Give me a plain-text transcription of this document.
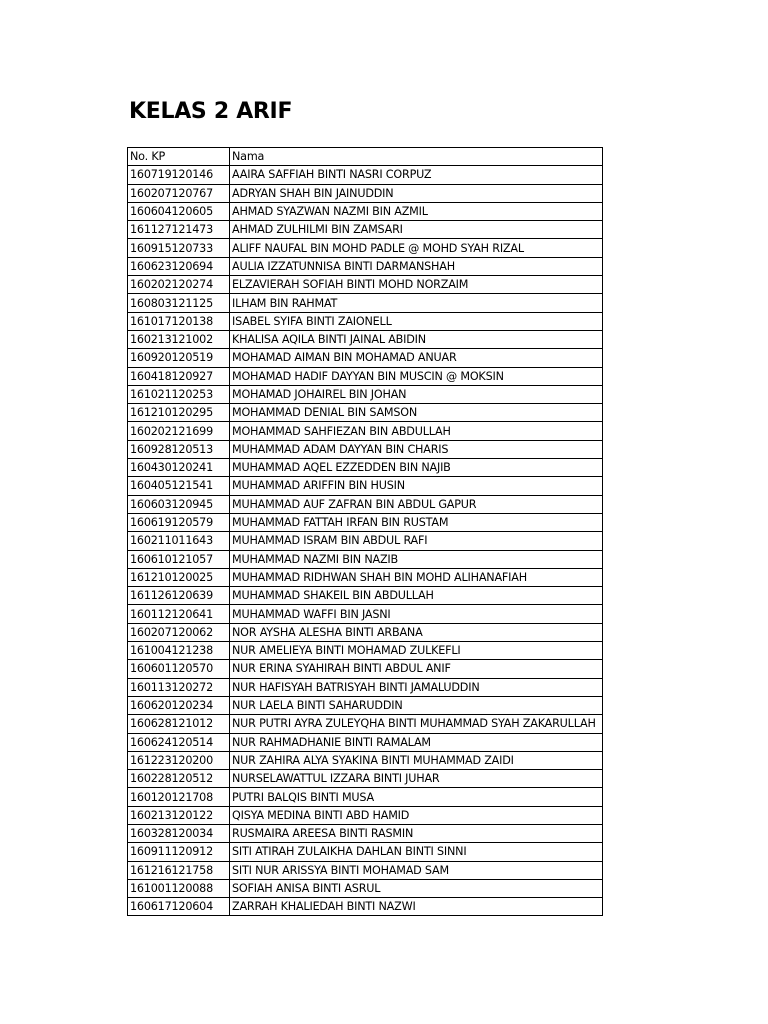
KELAS 2 ARIF
No. KP	Nama
160719120146	AAIRA SAFFIAH BINTI NASRI CORPUZ
160207120767	ADRYAN SHAH BIN JAINUDDIN
160604120605	AHMAD SYAZWAN NAZMI BIN AZMIL
161127121473	AHMAD ZULHILMI BIN ZAMSARI
160915120733	ALIFF NAUFAL BIN MOHD PADLE @ MOHD SYAH RIZAL
160623120694	AULIA IZZATUNNISA BINTI DARMANSHAH
160202120274	ELZAVIERAH SOFIAH BINTI MOHD NORZAIM
160803121125	ILHAM BIN RAHMAT
161017120138	ISABEL SYIFA BINTI ZAIONELL
160213121002	KHALISA AQILA BINTI JAINAL ABIDIN
160920120519	MOHAMAD AIMAN BIN MOHAMAD ANUAR
160418120927	MOHAMAD HADIF DAYYAN BIN MUSCIN @ MOKSIN
161021120253	MOHAMAD JOHAIREL BIN JOHAN
161210120295	MOHAMMAD DENIAL BIN SAMSON
160202121699	MOHAMMAD SAHFIEZAN BIN ABDULLAH
160928120513	MUHAMMAD ADAM DAYYAN BIN CHARIS
160430120241	MUHAMMAD AQEL EZZEDDEN BIN NAJIB
160405121541	MUHAMMAD ARIFFIN BIN HUSIN
160603120945	MUHAMMAD AUF ZAFRAN BIN ABDUL GAPUR
160619120579	MUHAMMAD FATTAH IRFAN BIN RUSTAM
160211011643	MUHAMMAD ISRAM BIN ABDUL RAFI
160610121057	MUHAMMAD NAZMI BIN NAZIB
161210120025	MUHAMMAD RIDHWAN SHAH BIN MOHD ALIHANAFIAH
161126120639	MUHAMMAD SHAKEIL BIN ABDULLAH
160112120641	MUHAMMAD WAFFI BIN JASNI
160207120062	NOR AYSHA ALESHA BINTI ARBANA
161004121238	NUR AMELIEYA BINTI MOHAMAD ZULKEFLI
160601120570	NUR ERINA SYAHIRAH BINTI ABDUL ANIF
160113120272	NUR HAFISYAH BATRISYAH BINTI JAMALUDDIN
160620120234	NUR LAELA BINTI SAHARUDDIN
160628121012	NUR PUTRI AYRA ZULEYQHA BINTI MUHAMMAD SYAH ZAKARULLAH
160624120514	NUR RAHMADHANIE BINTI RAMALAM
161223120200	NUR ZAHIRA ALYA SYAKINA BINTI MUHAMMAD ZAIDI
160228120512	NURSELAWATTUL IZZARA BINTI JUHAR
160120121708	PUTRI BALQIS BINTI MUSA
160213120122	QISYA MEDINA BINTI ABD HAMID
160328120034	RUSMAIRA AREESA BINTI RASMIN
160911120912	SITI ATIRAH ZULAIKHA DAHLAN BINTI SINNI
161216121758	SITI NUR ARISSYA BINTI MOHAMAD SAM
161001120088	SOFIAH ANISA BINTI ASRUL
160617120604	ZARRAH KHALIEDAH BINTI NAZWI
